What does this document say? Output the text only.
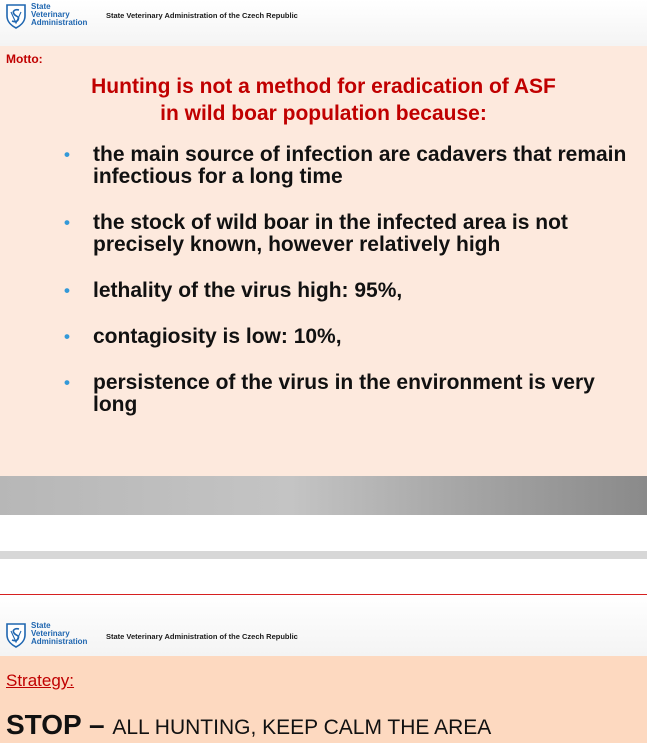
State
Veterinary
Administration
State Veterinary Administration of the Czech Republic
Motto:
Hunting is not a method for eradication of ASF
in wild boar population because:
• the main source of infection are cadavers that remain infectious for a long time
• the stock of wild boar in the infected area is not precisely known, however relatively high
• lethality of the virus high: 95%,
• contagiosity is low: 10%,
• persistence of the virus in the environment is very long
State
Veterinary
Administration
State Veterinary Administration of the Czech Republic
Strategy:
STOP – ALL HUNTING, KEEP CALM THE AREA
